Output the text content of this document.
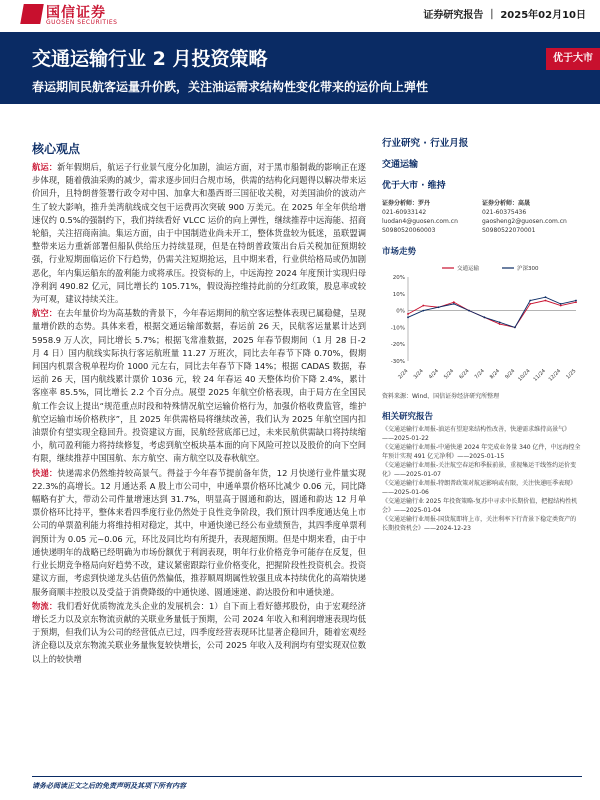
国信证券
GUOSEN SECURITIES
证券研究报告 ｜ 2025年02月10日
交通运输行业 2 月投资策略
春运期间民航客运量升价跌，关注油运需求结构性变化带来的运价向上弹性
优于大市
核心观点

航运：新年假期后，航运子行业景气度分化加剧，油运方面，对于黑市船制裁的影响正在逐步体现，随着俄油采购的减少，需求逐步回归合规市场，供需的结构化问题得以解决带来运价回升，且特朗普签署行政令对中国、加拿大和墨西哥三国征收关税，对美国油价的波动产生了较大影响，推升美湾航线成交包干运费再次突破 900 万美元。在 2025 年全年供给增速仅约 0.5%的强制约下，我们持续看好 VLCC 运价的向上弹性，继续推荐中远海能、招商轮船，关注招商南油。集运方面，由于中国制造业尚未开工，整体货盘较为低迷，虽联盟调整带来运力重新部署但船队供给压力持续显现，但是在特朗普政策出台后关税加征预期较强，行业短期面临运价下行趋势，仍需关注短期抢运，且中期来看，行业供给格局或仍加剧恶化，年内集运船东的盈利能力或将承压。投资标的上，中远海控 2024 年度预计实现归母净利润 490.82 亿元，同比增长约 105.71%，假设海控维持此前的分红政策，股息率或较为可观，建议持续关注。

航空：在去年量价均为高基数的背景下，今年春运期间的航空客运整体表现已属稳健，呈现量增价跌的态势。具体来看，根据交通运输部数据，春运前 26 天，民航客运量累计达到 5958.9 万人次，同比增长 5.7%；根据飞常准数据，2025 年春节假期间（1 月 28 日-2 月 4 日）国内航线实际执行客运航班量 11.27 万班次，同比去年春节下降 0.70%，假期间国内机票含税单程均价 1000 元左右，同比去年春节下降 14%；根据 CADAS 数据，春运前 26 天，国内航线累计票价 1036 元，较 24 年春运 40 天整体均价下降 2.4%，累计客座率 85.5%，同比增长 2.2 个百分点。展望 2025 年航空价格表现，由于局方在全国民航工作会议上提出“规范重点时段和特殊情况航空运输价格行为，加强价格收费监管，维护航空运输市场价格秩序”，且 2025 年供需格局将继续改善，我们认为 2025 年航空国内扣油票价有望实现全稳回升。投资建议方面，民航经营底部已过，未来民航供需缺口将持续缩小，航司盈利能力将持续修复，考虑到航空板块基本面的向下风险可控以及股价的向下空间有限，继续推荐中国国航、东方航空、南方航空以及春秋航空。

快递：快递需求仍然维持较高景气。得益于今年春节提前备年货，12 月快递行业件量实现 22.3%的高增长。12 月通达系 A 股上市公司中，申通单票价格环比减少 0.06 元，同比降幅略有扩大，带动公司件量增速达到 31.7%，明显高于圆通和韵达，圆通和韵达 12 月单票价格环比持平，整体来看四季度行业仍然处于良性竞争阶段，我们预计四季度通达兔上市公司的单票盈利能力将维持相对稳定，其中，申通快递已经公布业绩预告，其四季度单票利润预计为 0.05 元~0.06 元，环比及同比均有所提升，表现超预期。但是中期来看，由于中通快递明年的战略已经明确为市场份额优于利润表现，明年行业价格竞争可能存在反复，但行业长期竞争格局向好趋势不改，建议紧密跟踪行业价格变化，把握阶段性投资机会。投资建议方面，考虑到快递龙头估值仍然偏低，推荐顺周期属性较强且成本持续优化的高端快递服务商顺丰控股以及受益于消费降级的中通快递、圆通速递、韵达股份和申通快递。

物流：我们看好优质物流龙头企业的发展机会：1）自下而上看好德邦股份，由于宏观经济增长乏力以及京东物流贡献的关联业务量低于预期，公司 2024 年收入和利润增速表现均低于预期，但我们认为公司的经营低点已过，四季度经营表现环比显著企稳回升，随着宏观经济企稳以及京东物流关联业务量恢复较快增长，公司 2025 年收入及利润均有望实现双位数以上的较快增

行业研究 · 行业月报
交通运输
优于大市 · 维持
证券分析师：罗丹
021-60933142
luodan4@guosen.com.cn
S0980520060003
证券分析师：高晟
021-60375436
gaosheng2@guosen.com.cn
S0980522070001
市场走势
20%
10%
0%
-10%
-20%
-30%
2/24 3/24 4/24 5/24 6/24 7/24 8/24 9/24 10/24 11/24 12/24 1/25
交通运输	沪深300
资料来源：Wind、国信证券经济研究所整理
相关研究报告
《交通运输行业周报-油运有望迎来结构性改善，快递需求维持高景气》——2025-01-22
《交通运输行业周报-中通快递 2024 年完成业务量 340 亿件，中远海控全年预计实现 491 亿元净利》——2025-01-15
《交通运输行业周报-关注航空春运和季报前景，重视集运干线签约运价变化》——2025-01-07
《交通运输行业周报-特朗普政策对航运影响或有限，关注快递旺季表现》——2025-01-06
《交通运输行业 2025 年投资策略-复苏中寻求中长期价值，把握结构性机会》——2025-01-04
《交通运输行业周报-国货航即将上市，关注利率下行背景下稳定类资产的长期投资机会》——2024-12-23
请务必阅读正文之后的免责声明及其项下所有内容
